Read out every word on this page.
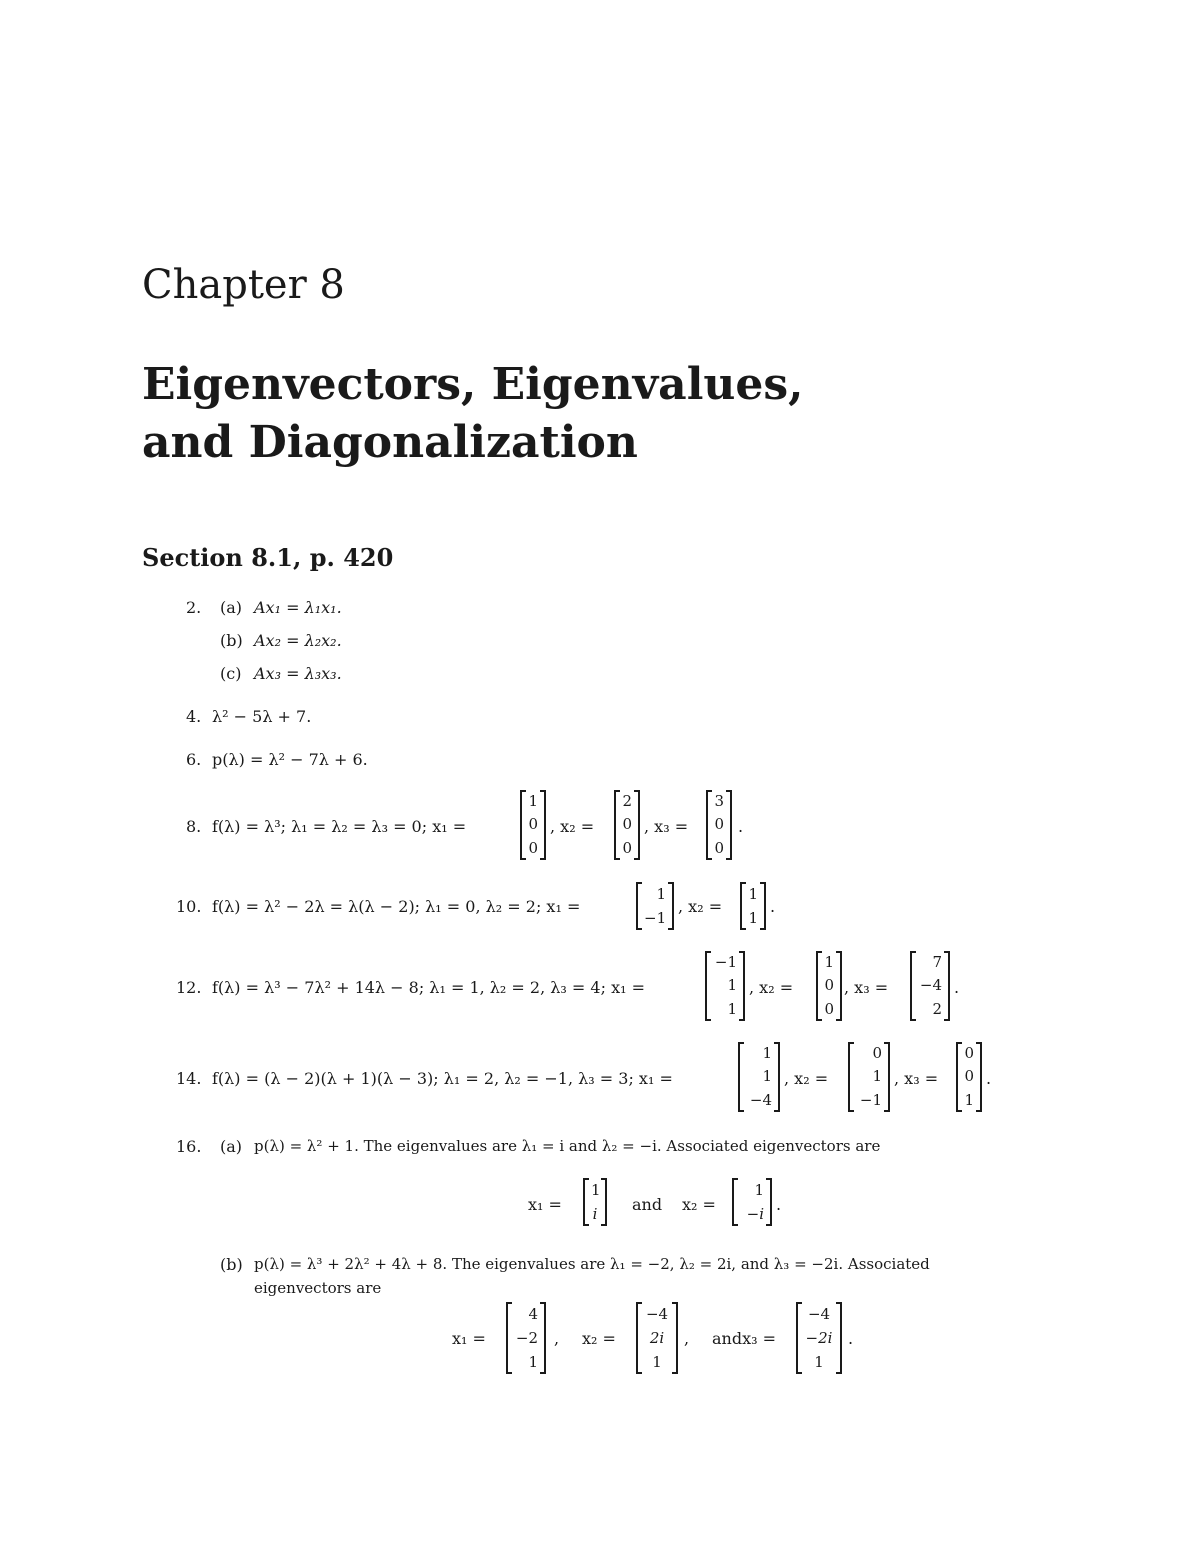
Chapter 8
Eigenvectors, Eigenvalues, and Diagonalization
Section 8.1, p. 420
2. (a) Ax₁ = λ₁x₁.
(b) Ax₂ = λ₂x₂.
(c) Ax₃ = λ₃x₃.
4. λ² − 5λ + 7.
6. p(λ) = λ² − 7λ + 6.
8. f(λ) = λ³; λ₁ = λ₂ = λ₃ = 0; x₁ =
1
0
0
, x₂ =
2
0
0
, x₃ =
3
0
0
.
10. f(λ) = λ² − 2λ = λ(λ − 2); λ₁ = 0, λ₂ = 2; x₁ =
1
−1
, x₂ =
1
1
.
12. f(λ) = λ³ − 7λ² + 14λ − 8; λ₁ = 1, λ₂ = 2, λ₃ = 4; x₁ =
−1
1
1
, x₂ =
1
0
0
, x₃ =
7
−4
2
.
14. f(λ) = (λ − 2)(λ + 1)(λ − 3); λ₁ = 2, λ₂ = −1, λ₃ = 3; x₁ =
1
1
−4
, x₂ =
0
1
−1
, x₃ =
0
0
1
.
16. (a) p(λ) = λ² + 1. The eigenvalues are λ₁ = i and λ₂ = −i. Associated eigenvectors are
x₁ =
1
i and x₂ =
1
−i .
(b) p(λ) = λ³ + 2λ² + 4λ + 8. The eigenvalues are λ₁ = −2, λ₂ = 2i, and λ₃ = −2i. Associated
eigenvectors are
x₁ =
4
−2
1
, x₂ =
−4
2i
1
, andx₃ =
−4
−2i
1
.
